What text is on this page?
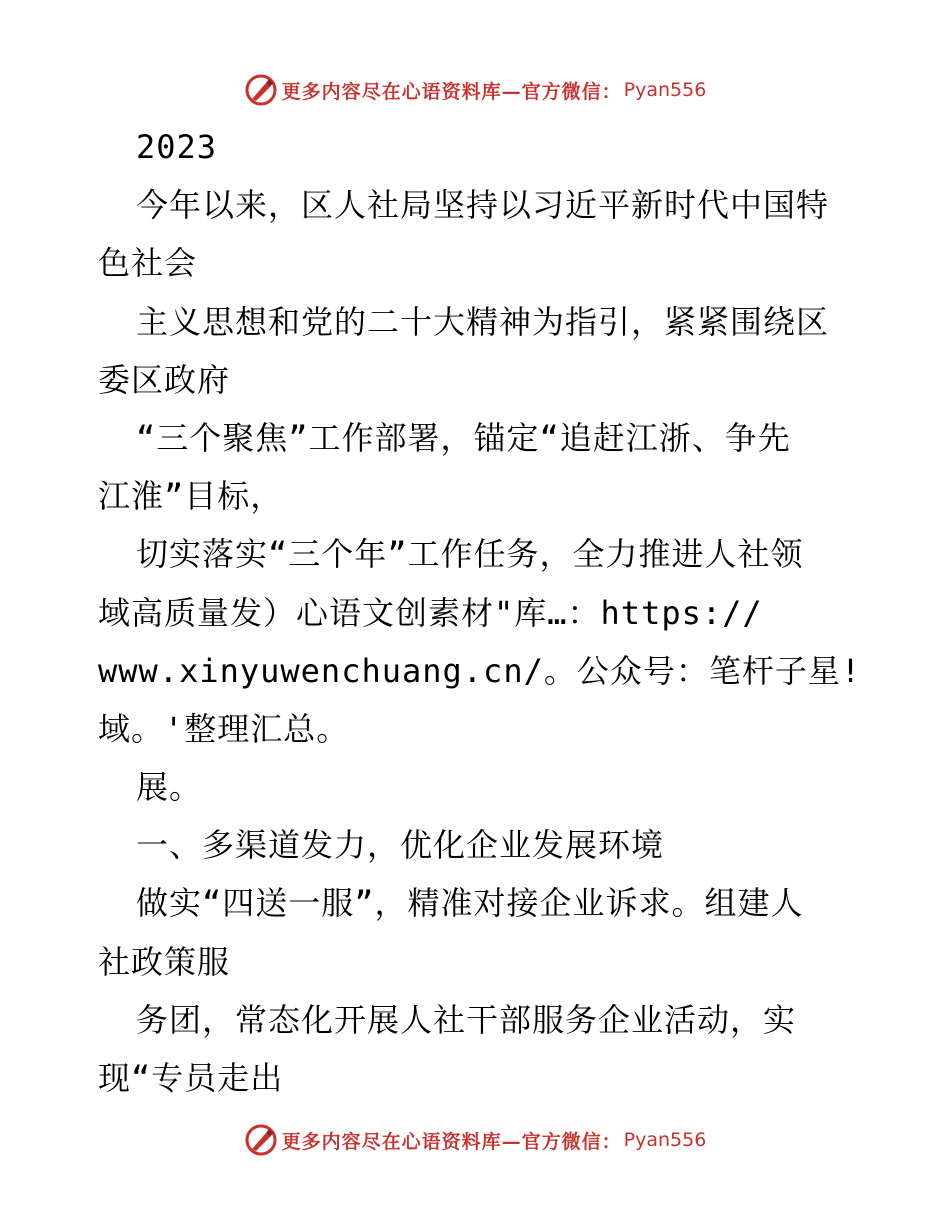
更多内容尽在心语资料库—官方微信： Pyan556
2023
今年以来，区人社局坚持以习近平新时代中国特
色社会
主义思想和党的二十大精神为指引，紧紧围绕区
委区政府
“三个聚焦”工作部署，锚定“追赶江浙、争先
江淮”目标，
切实落实“三个年”工作任务，全力推进人社领
域高质量发）心语文创素材"库…：https://
www.xinyuwenchuang.cn/。公众号：笔杆子星!
域。'整理汇总。
展。
一、多渠道发力，优化企业发展环境
做实“四送一服”，精准对接企业诉求。组建人
社政策服
务团，常态化开展人社干部服务企业活动，实
现“专员走出
更多内容尽在心语资料库—官方微信： Pyan556
